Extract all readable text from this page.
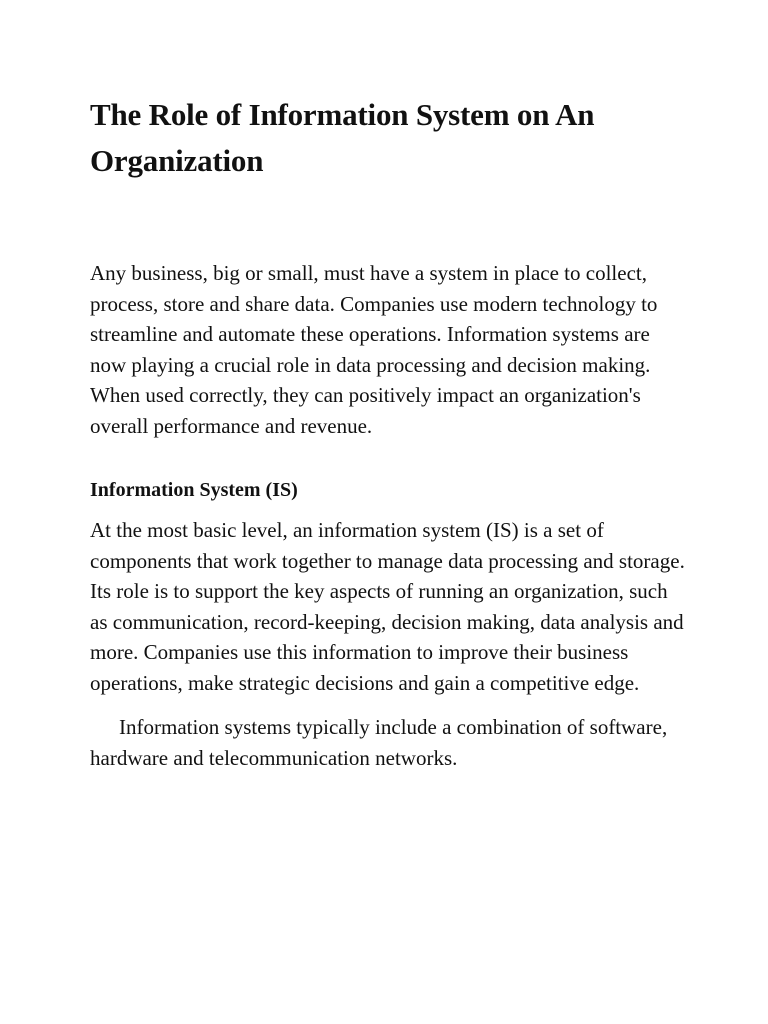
The Role of Information System on An Organization

Any business, big or small, must have a system in place to collect, process, store and share data. Companies use modern technology to streamline and automate these operations. Information systems are now playing a crucial role in data processing and decision making. When used correctly, they can positively impact an organization's overall performance and revenue.

Information System (IS)

At the most basic level, an information system (IS) is a set of components that work together to manage data processing and storage. Its role is to support the key aspects of running an organization, such as communication, record-keeping, decision making, data analysis and more. Companies use this information to improve their business operations, make strategic decisions and gain a competitive edge.

Information systems typically include a combination of software, hardware and telecommunication networks.
